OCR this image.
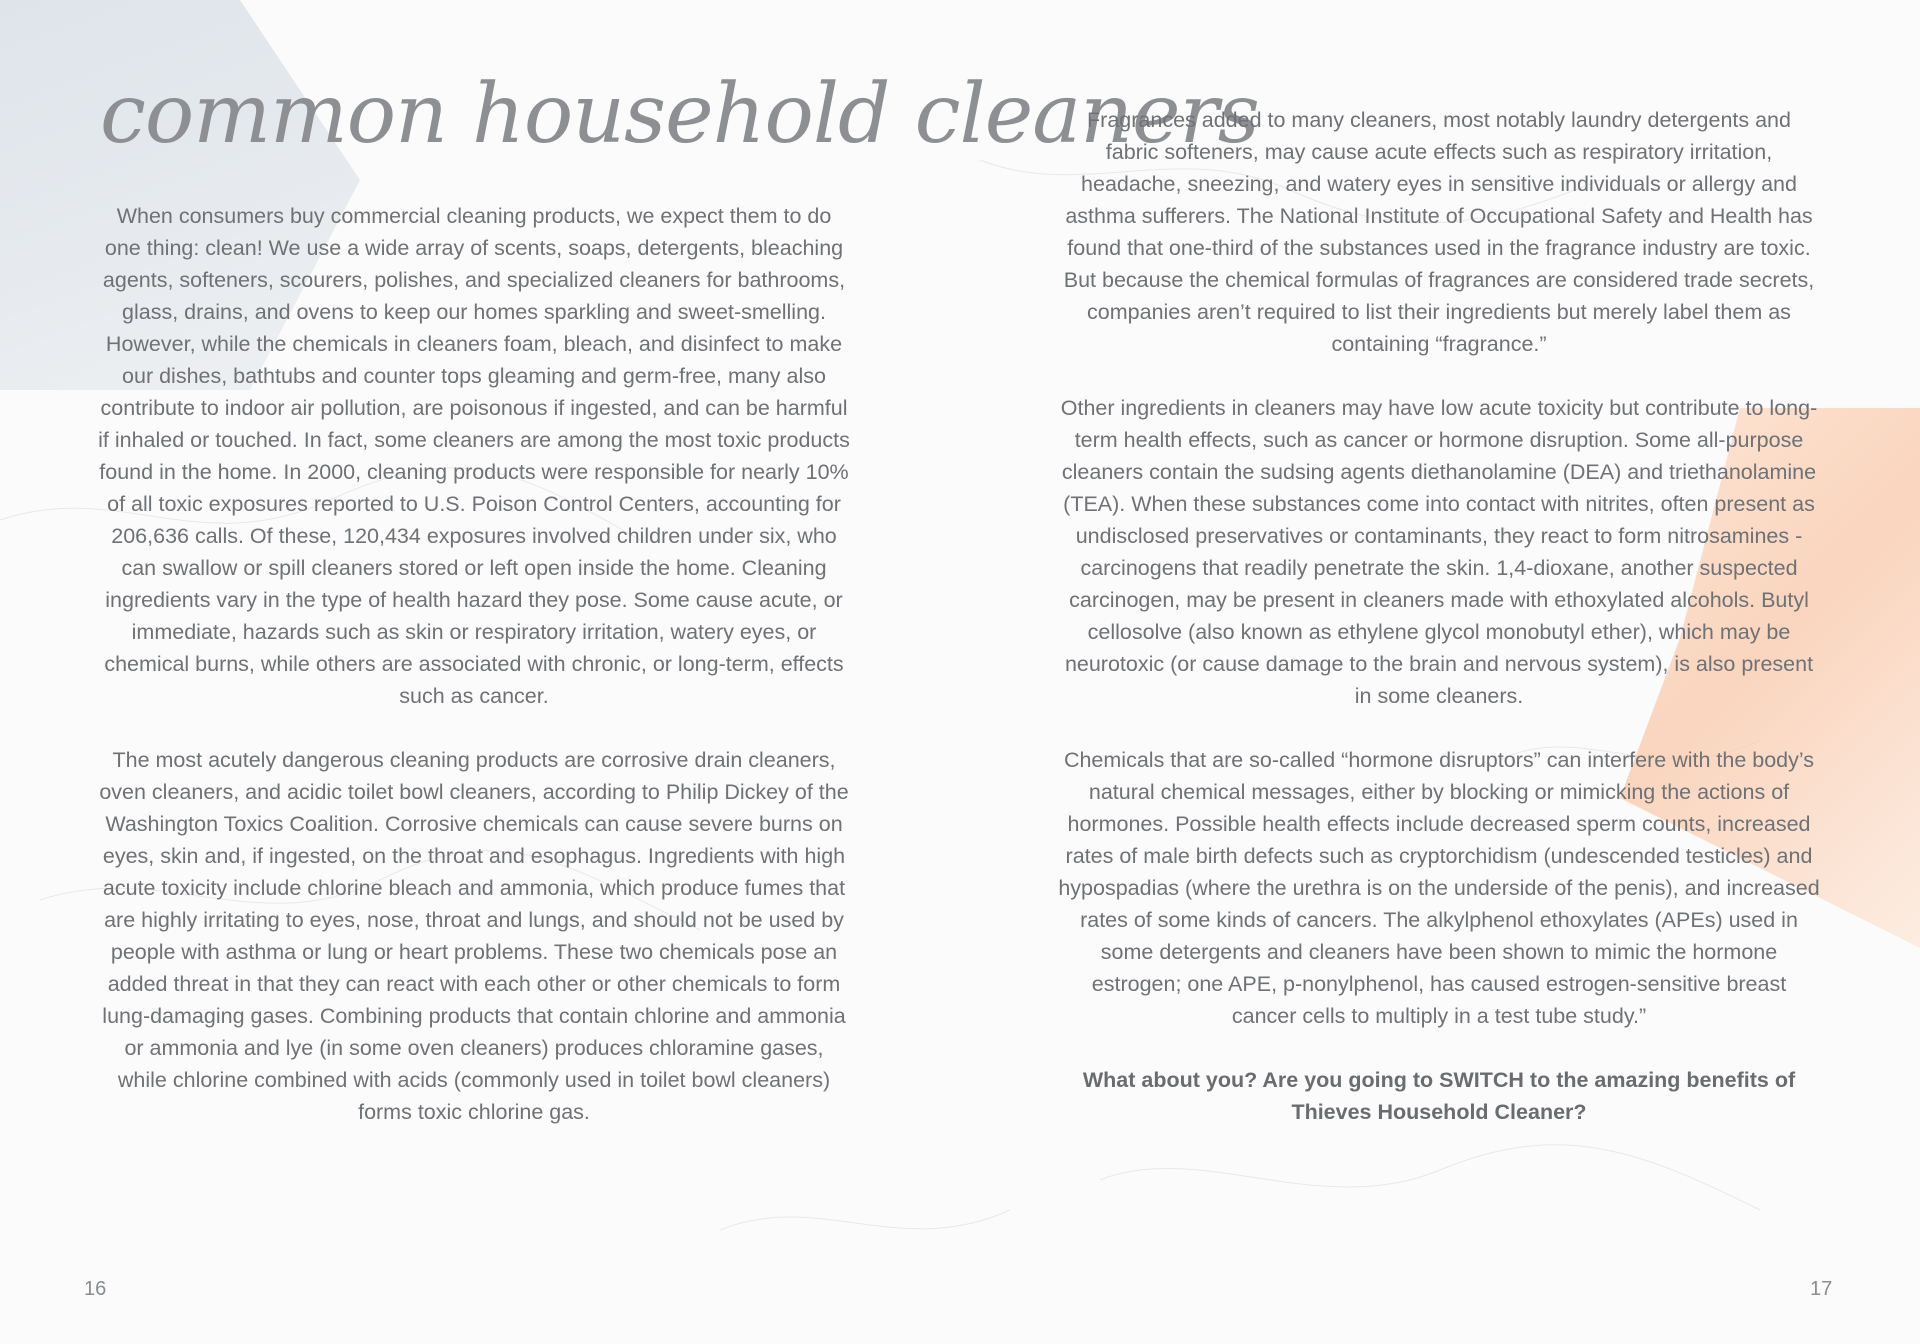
common household cleaners

When consumers buy commercial cleaning products, we expect them to do one thing: clean! We use a wide array of scents, soaps, detergents, bleaching agents, softeners, scourers, polishes, and specialized cleaners for bathrooms, glass, drains, and ovens to keep our homes sparkling and sweet-smelling. However, while the chemicals in cleaners foam, bleach, and disinfect to make our dishes, bathtubs and counter tops gleaming and germ-free, many also contribute to indoor air pollution, are poisonous if ingested, and can be harmful if inhaled or touched. In fact, some cleaners are among the most toxic products found in the home. In 2000, cleaning products were responsible for nearly 10% of all toxic exposures reported to U.S. Poison Control Centers, accounting for 206,636 calls. Of these, 120,434 exposures involved children under six, who can swallow or spill cleaners stored or left open inside the home. Cleaning ingredients vary in the type of health hazard they pose. Some cause acute, or immediate, hazards such as skin or respiratory irritation, watery eyes, or chemical burns, while others are associated with chronic, or long-term, effects such as cancer.

The most acutely dangerous cleaning products are corrosive drain cleaners, oven cleaners, and acidic toilet bowl cleaners, according to Philip Dickey of the Washington Toxics Coalition. Corrosive chemicals can cause severe burns on eyes, skin and, if ingested, on the throat and esophagus. Ingredients with high acute toxicity include chlorine bleach and ammonia, which produce fumes that are highly irritating to eyes, nose, throat and lungs, and should not be used by people with asthma or lung or heart problems. These two chemicals pose an added threat in that they can react with each other or other chemicals to form lung-damaging gases. Combining products that contain chlorine and ammonia or ammonia and lye (in some oven cleaners) produces chloramine gases, while chlorine combined with acids (commonly used in toilet bowl cleaners) forms toxic chlorine gas.

Fragrances added to many cleaners, most notably laundry detergents and fabric softeners, may cause acute effects such as respiratory irritation, headache, sneezing, and watery eyes in sensitive individuals or allergy and asthma sufferers. The National Institute of Occupational Safety and Health has found that one-third of the substances used in the fragrance industry are toxic. But because the chemical formulas of fragrances are considered trade secrets, companies aren’t required to list their ingredients but merely label them as containing “fragrance.”

Other ingredients in cleaners may have low acute toxicity but contribute to long-term health effects, such as cancer or hormone disruption. Some all-purpose cleaners contain the sudsing agents diethanolamine (DEA) and triethanolamine (TEA). When these substances come into contact with nitrites, often present as undisclosed preservatives or contaminants, they react to form nitrosamines - carcinogens that readily penetrate the skin. 1,4-dioxane, another suspected carcinogen, may be present in cleaners made with ethoxylated alcohols. Butyl cellosolve (also known as ethylene glycol monobutyl ether), which may be neurotoxic (or cause damage to the brain and nervous system), is also present in some cleaners.

Chemicals that are so-called “hormone disruptors” can interfere with the body’s natural chemical messages, either by blocking or mimicking the actions of hormones. Possible health effects include decreased sperm counts, increased rates of male birth defects such as cryptorchidism (undescended testicles) and hypospadias (where the urethra is on the underside of the penis), and increased rates of some kinds of cancers. The alkylphenol ethoxylates (APEs) used in some detergents and cleaners have been shown to mimic the hormone estrogen; one APE, p-nonylphenol, has caused estrogen-sensitive breast cancer cells to multiply in a test tube study.”

What about you? Are you going to SWITCH to the amazing benefits of Thieves Household Cleaner?

16	17
